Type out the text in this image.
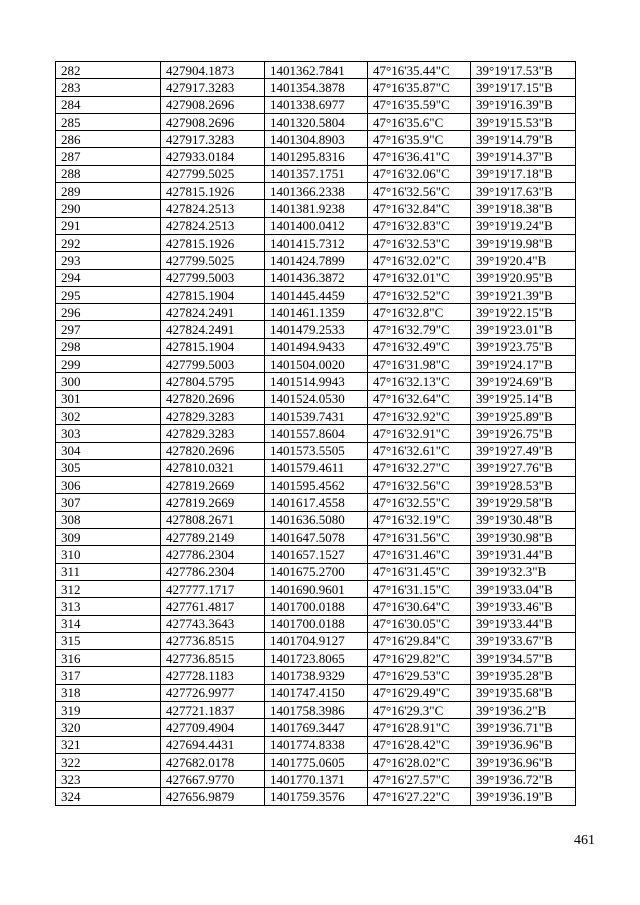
282	427904.1873	1401362.7841	47°16'35.44"С	39°19'17.53"В
283	427917.3283	1401354.3878	47°16'35.87"С	39°19'17.15"В
284	427908.2696	1401338.6977	47°16'35.59"С	39°19'16.39"В
285	427908.2696	1401320.5804	47°16'35.6"С	39°19'15.53"В
286	427917.3283	1401304.8903	47°16'35.9"С	39°19'14.79"В
287	427933.0184	1401295.8316	47°16'36.41"С	39°19'14.37"В
288	427799.5025	1401357.1751	47°16'32.06"С	39°19'17.18"В
289	427815.1926	1401366.2338	47°16'32.56"С	39°19'17.63"В
290	427824.2513	1401381.9238	47°16'32.84"С	39°19'18.38"В
291	427824.2513	1401400.0412	47°16'32.83"С	39°19'19.24"В
292	427815.1926	1401415.7312	47°16'32.53"С	39°19'19.98"В
293	427799.5025	1401424.7899	47°16'32.02"С	39°19'20.4"В
294	427799.5003	1401436.3872	47°16'32.01"С	39°19'20.95"В
295	427815.1904	1401445.4459	47°16'32.52"С	39°19'21.39"В
296	427824.2491	1401461.1359	47°16'32.8"С	39°19'22.15"В
297	427824.2491	1401479.2533	47°16'32.79"С	39°19'23.01"В
298	427815.1904	1401494.9433	47°16'32.49"С	39°19'23.75"В
299	427799.5003	1401504.0020	47°16'31.98"С	39°19'24.17"В
300	427804.5795	1401514.9943	47°16'32.13"С	39°19'24.69"В
301	427820.2696	1401524.0530	47°16'32.64"С	39°19'25.14"В
302	427829.3283	1401539.7431	47°16'32.92"С	39°19'25.89"В
303	427829.3283	1401557.8604	47°16'32.91"С	39°19'26.75"В
304	427820.2696	1401573.5505	47°16'32.61"С	39°19'27.49"В
305	427810.0321	1401579.4611	47°16'32.27"С	39°19'27.76"В
306	427819.2669	1401595.4562	47°16'32.56"С	39°19'28.53"В
307	427819.2669	1401617.4558	47°16'32.55"С	39°19'29.58"В
308	427808.2671	1401636.5080	47°16'32.19"С	39°19'30.48"В
309	427789.2149	1401647.5078	47°16'31.56"С	39°19'30.98"В
310	427786.2304	1401657.1527	47°16'31.46"С	39°19'31.44"В
311	427786.2304	1401675.2700	47°16'31.45"С	39°19'32.3"В
312	427777.1717	1401690.9601	47°16'31.15"С	39°19'33.04"В
313	427761.4817	1401700.0188	47°16'30.64"С	39°19'33.46"В
314	427743.3643	1401700.0188	47°16'30.05"С	39°19'33.44"В
315	427736.8515	1401704.9127	47°16'29.84"С	39°19'33.67"В
316	427736.8515	1401723.8065	47°16'29.82"С	39°19'34.57"В
317	427728.1183	1401738.9329	47°16'29.53"С	39°19'35.28"В
318	427726.9977	1401747.4150	47°16'29.49"С	39°19'35.68"В
319	427721.1837	1401758.3986	47°16'29.3"С	39°19'36.2"В
320	427709.4904	1401769.3447	47°16'28.91"С	39°19'36.71"В
321	427694.4431	1401774.8338	47°16'28.42"С	39°19'36.96"В
322	427682.0178	1401775.0605	47°16'28.02"С	39°19'36.96"В
323	427667.9770	1401770.1371	47°16'27.57"С	39°19'36.72"В
324	427656.9879	1401759.3576	47°16'27.22"С	39°19'36.19"В
461
